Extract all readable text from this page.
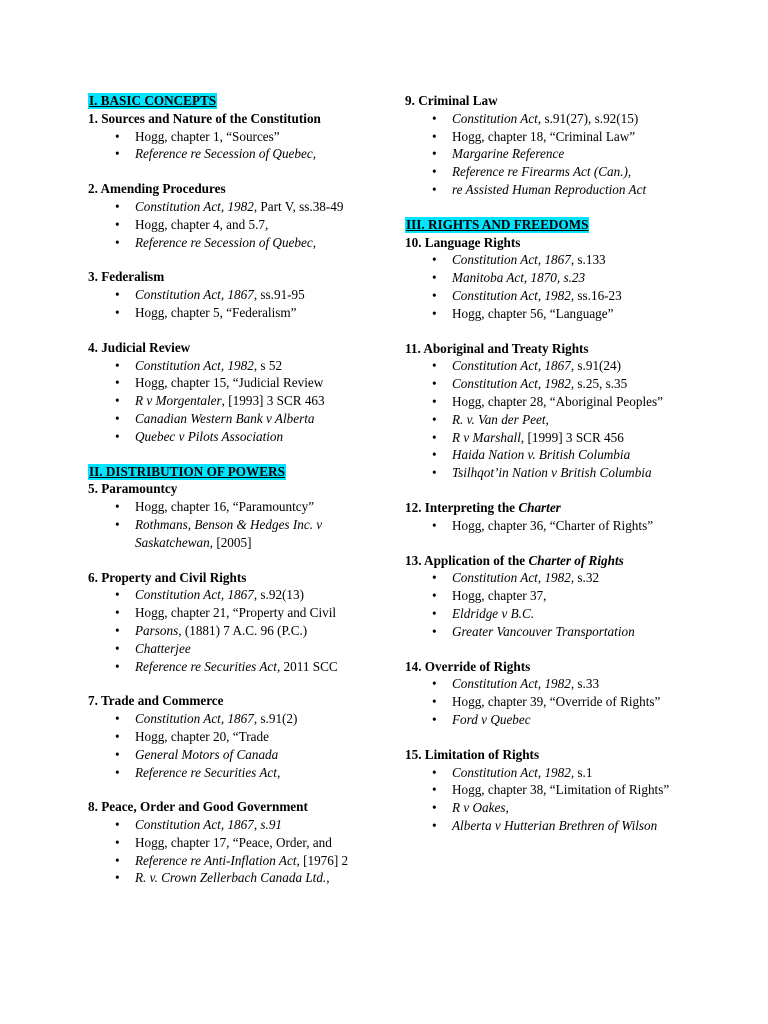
I. BASIC CONCEPTS
1. Sources and Nature of the Constitution
• Hogg, chapter 1, “Sources”
• Reference re Secession of Quebec,
2. Amending Procedures
• Constitution Act, 1982, Part V, ss.38-49
• Hogg, chapter 4, and 5.7,
• Reference re Secession of Quebec,
3. Federalism
• Constitution Act, 1867, ss.91-95
• Hogg, chapter 5, “Federalism”
4. Judicial Review
• Constitution Act, 1982, s 52
• Hogg, chapter 15, “Judicial Review
• R v Morgentaler, [1993] 3 SCR 463
• Canadian Western Bank v Alberta
• Quebec v Pilots Association
II. DISTRIBUTION OF POWERS
5. Paramountcy
• Hogg, chapter 16, “Paramountcy”
• Rothmans, Benson & Hedges Inc. v Saskatchewan, [2005]
6. Property and Civil Rights
• Constitution Act, 1867, s.92(13)
• Hogg, chapter 21, “Property and Civil
• Parsons, (1881) 7 A.C. 96 (P.C.)
• Chatterjee
• Reference re Securities Act, 2011 SCC
7. Trade and Commerce
• Constitution Act, 1867, s.91(2)
• Hogg, chapter 20, “Trade
• General Motors of Canada
• Reference re Securities Act,
8. Peace, Order and Good Government
• Constitution Act, 1867, s.91
• Hogg, chapter 17, “Peace, Order, and
• Reference re Anti-Inflation Act, [1976] 2
• R. v. Crown Zellerbach Canada Ltd.,
9. Criminal Law
• Constitution Act, s.91(27), s.92(15)
• Hogg, chapter 18, “Criminal Law”
• Margarine Reference
• Reference re Firearms Act (Can.),
• re Assisted Human Reproduction Act
III. RIGHTS AND FREEDOMS
10. Language Rights
• Constitution Act, 1867, s.133
• Manitoba Act, 1870, s.23
• Constitution Act, 1982, ss.16-23
• Hogg, chapter 56, “Language”
11. Aboriginal and Treaty Rights
• Constitution Act, 1867, s.91(24)
• Constitution Act, 1982, s.25, s.35
• Hogg, chapter 28, “Aboriginal Peoples”
• R. v. Van der Peet,
• R v Marshall, [1999] 3 SCR 456
• Haida Nation v. British Columbia
• Tsilhqot’in Nation v British Columbia
12. Interpreting the Charter
• Hogg, chapter 36, “Charter of Rights”
13. Application of the Charter of Rights
• Constitution Act, 1982, s.32
• Hogg, chapter 37,
• Eldridge v B.C.
• Greater Vancouver Transportation
14. Override of Rights
• Constitution Act, 1982, s.33
• Hogg, chapter 39, “Override of Rights”
• Ford v Quebec
15. Limitation of Rights
• Constitution Act, 1982, s.1
• Hogg, chapter 38, “Limitation of Rights”
• R v Oakes,
• Alberta v Hutterian Brethren of Wilson
